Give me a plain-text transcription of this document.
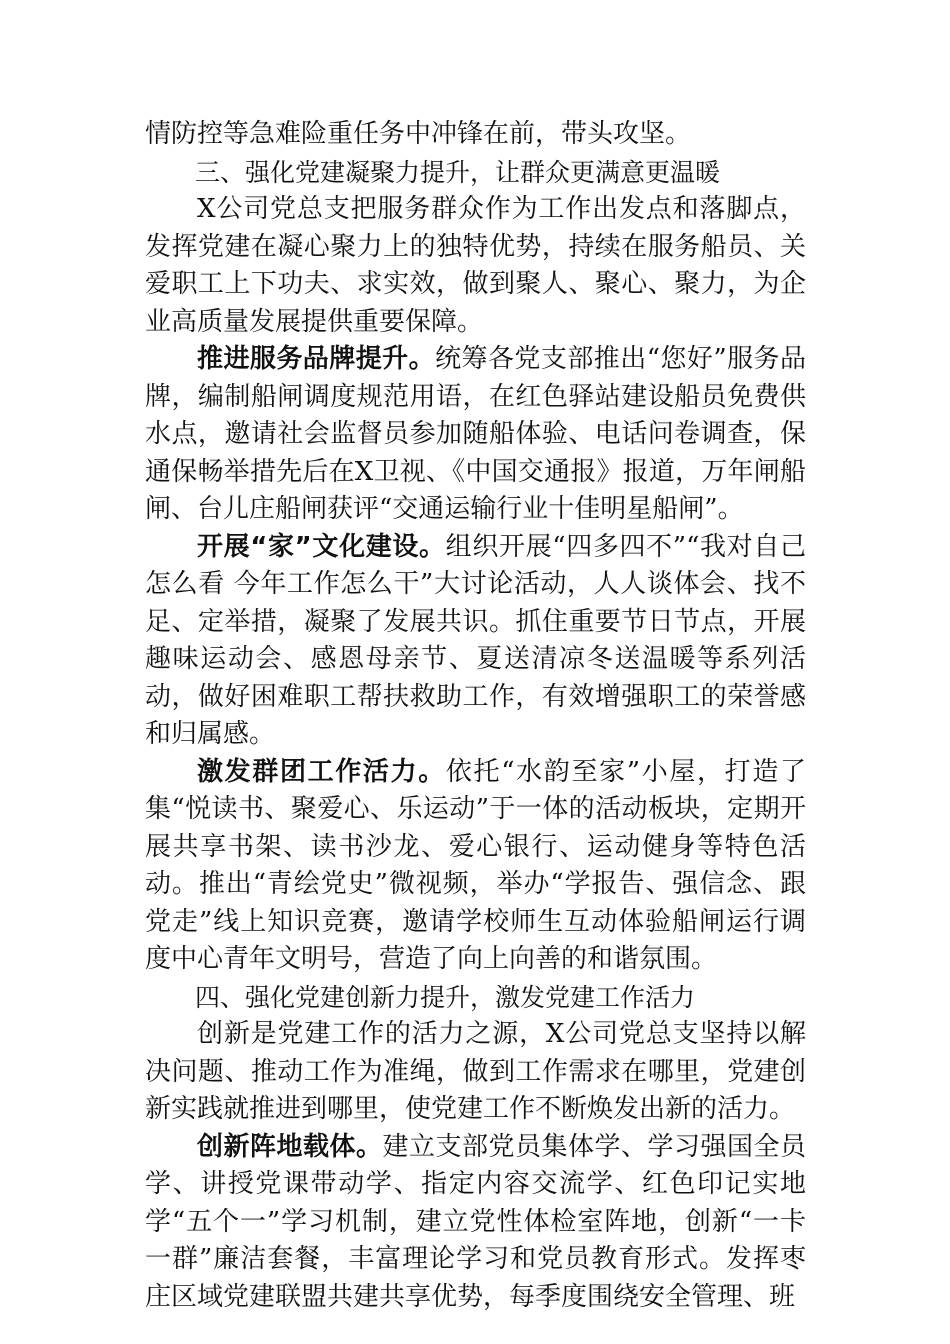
情防控等急难险重任务中冲锋在前，带头攻坚。

三、强化党建凝聚力提升，让群众更满意更温暖

X公司党总支把服务群众作为工作出发点和落脚点，发挥党建在凝心聚力上的独特优势，持续在服务船员、关爱职工上下功夫、求实效，做到聚人、聚心、聚力，为企业高质量发展提供重要保障。

推进服务品牌提升。统筹各党支部推出“您好”服务品牌，编制船闸调度规范用语，在红色驿站建设船员免费供水点，邀请社会监督员参加随船体验、电话问卷调查，保通保畅举措先后在X卫视、《中国交通报》报道，万年闸船闸、台儿庄船闸获评“交通运输行业十佳明星船闸”。

开展“家”文化建设。组织开展“四多四不”“我对自己怎么看 今年工作怎么干”大讨论活动，人人谈体会、找不足、定举措，凝聚了发展共识。抓住重要节日节点，开展趣味运动会、感恩母亲节、夏送清凉冬送温暖等系列活动，做好困难职工帮扶救助工作，有效增强职工的荣誉感和归属感。

激发群团工作活力。依托“水韵至家”小屋，打造了集“悦读书、聚爱心、乐运动”于一体的活动板块，定期开展共享书架、读书沙龙、爱心银行、运动健身等特色活动。推出“青绘党史”微视频，举办“学报告、强信念、跟党走”线上知识竞赛，邀请学校师生互动体验船闸运行调度中心青年文明号，营造了向上向善的和谐氛围。

四、强化党建创新力提升，激发党建工作活力

创新是党建工作的活力之源，X公司党总支坚持以解决问题、推动工作为准绳，做到工作需求在哪里，党建创新实践就推进到哪里，使党建工作不断焕发出新的活力。

创新阵地载体。建立支部党员集体学、学习强国全员学、讲授党课带动学、指定内容交流学、红色印记实地学“五个一”学习机制，建立党性体检室阵地，创新“一卡一群”廉洁套餐，丰富理论学习和党员教育形式。发挥枣庄区域党建联盟共建共享优势，每季度围绕安全管理、班
